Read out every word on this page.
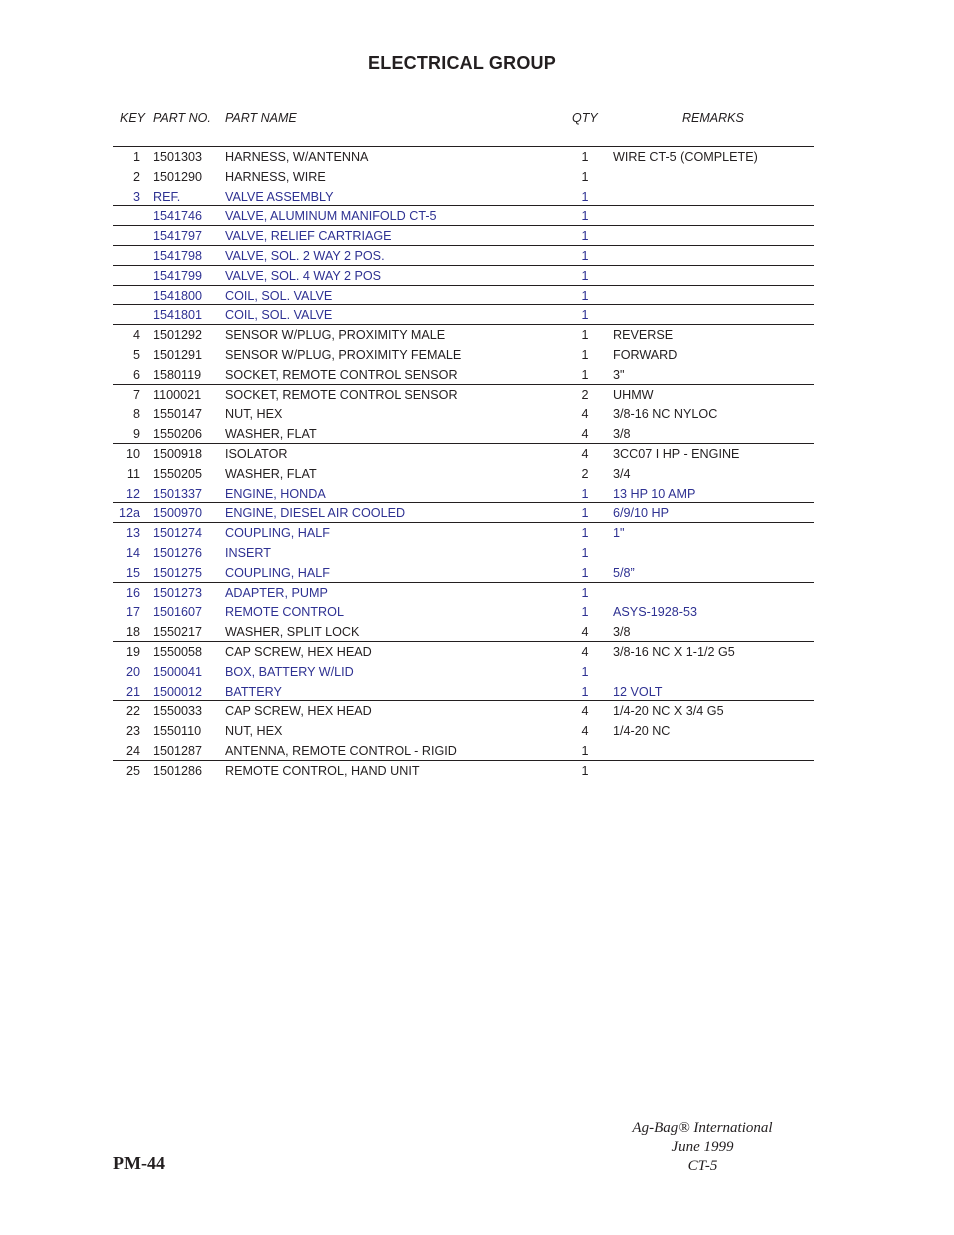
ELECTRICAL GROUP
KEY PART NO. PART NAME	QTY	REMARKS
1 1501303 HARNESS, W/ANTENNA	1	WIRE CT-5 (COMPLETE)
2 1501290 HARNESS, WIRE	1
3 REF.	VALVE ASSEMBLY	1
1541746 VALVE, ALUMINUM MANIFOLD CT-5	1
1541797 VALVE, RELIEF CARTRIAGE	1
1541798 VALVE, SOL. 2 WAY 2 POS.	1
1541799 VALVE, SOL. 4 WAY 2 POS	1
1541800 COIL, SOL. VALVE	1
1541801 COIL, SOL. VALVE	1
4 1501292 SENSOR W/PLUG, PROXIMITY MALE	1	REVERSE
5 1501291 SENSOR W/PLUG, PROXIMITY FEMALE	1	FORWARD
6 1580119 SOCKET, REMOTE CONTROL SENSOR	1	3"
7 1100021 SOCKET, REMOTE CONTROL SENSOR	2	UHMW
8 1550147 NUT, HEX	4	3/8-16 NC NYLOC
9 1550206 WASHER, FLAT	4	3/8
10 1500918 ISOLATOR	4	3CC07 I HP - ENGINE
11 1550205 WASHER, FLAT	2	3/4
12 1501337 ENGINE, HONDA	1	13 HP 10 AMP
12a 1500970 ENGINE, DIESEL AIR COOLED	1	6/9/10 HP
13 1501274 COUPLING, HALF	1	1"
14 1501276 INSERT	1
15 1501275 COUPLING, HALF	1	5/8”
16 1501273 ADAPTER, PUMP	1
17 1501607 REMOTE CONTROL	1	ASYS-1928-53
18 1550217 WASHER, SPLIT LOCK	4	3/8
19 1550058 CAP SCREW, HEX HEAD	4	3/8-16 NC X 1-1/2 G5
20 1500041 BOX, BATTERY W/LID	1
21 1500012 BATTERY	1	12 VOLT
22 1550033 CAP SCREW, HEX HEAD	4	1/4-20 NC X 3/4 G5
23 1550110 NUT, HEX	4	1/4-20 NC
24 1501287 ANTENNA, REMOTE CONTROL - RIGID	1
25 1501286 REMOTE CONTROL, HAND UNIT	1
Ag-Bag® International
June 1999
CT-5
PM-44
